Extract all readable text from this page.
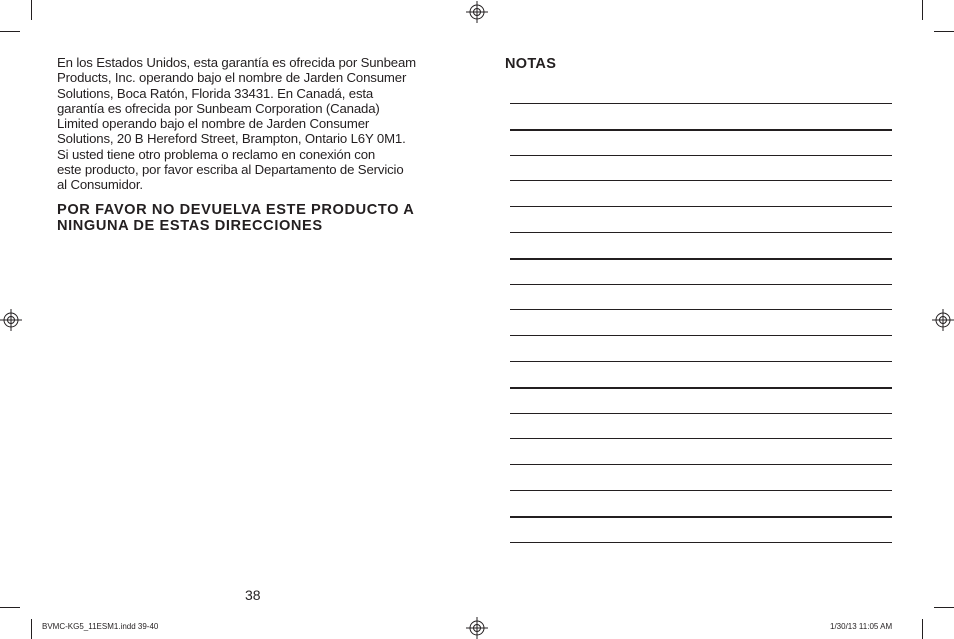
En los Estados Unidos, esta garantía es ofrecida por Sunbeam
Products, Inc. operando bajo el nombre de Jarden Consumer
Solutions, Boca Ratón, Florida 33431. En Canadá, esta
garantía es ofrecida por Sunbeam Corporation (Canada)
Limited operando bajo el nombre de Jarden Consumer
Solutions, 20 B Hereford Street, Brampton, Ontario L6Y 0M1.
Si usted tiene otro problema o reclamo en conexión con
este producto, por favor escriba al Departamento de Servicio
al Consumidor.

POR FAVOR NO DEVUELVA ESTE PRODUCTO A
NINGUNA DE ESTAS DIRECCIONES

NOTAS
38
BVMC-KG5_11ESM1.indd 39-40	1/30/13 11:05 AM
